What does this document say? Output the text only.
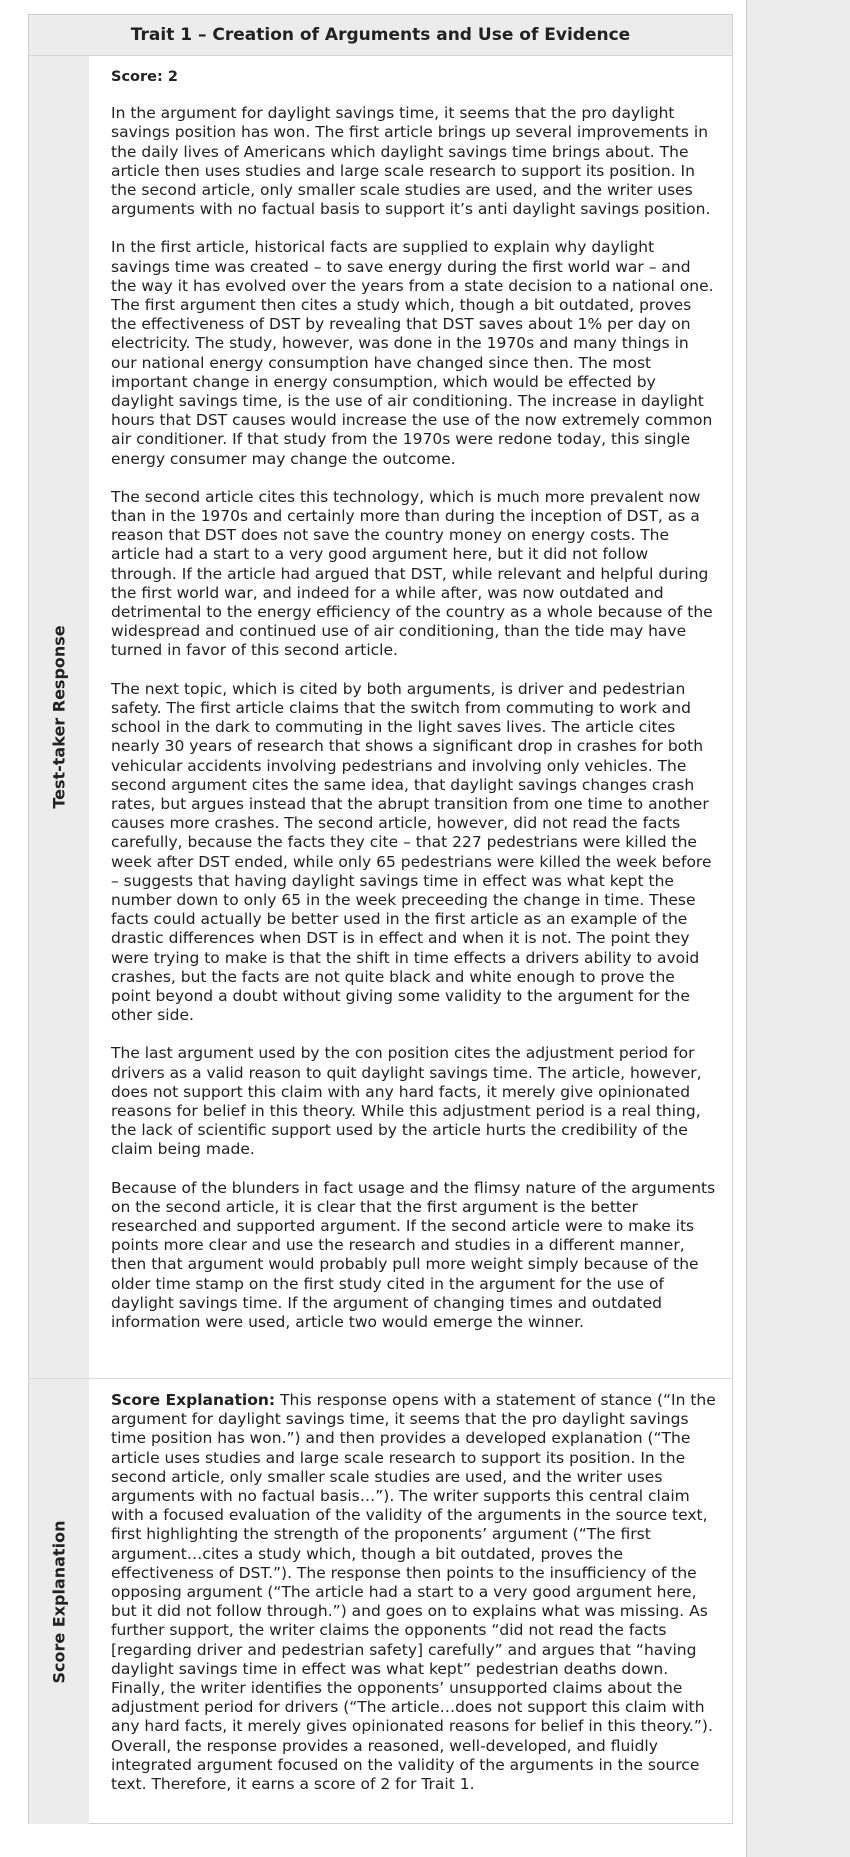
Trait 1 – Creation of Arguments and Use of Evidence
Test-taker Response
Score: 2

In the argument for daylight savings time, it seems that the pro daylight savings position has won. The first article brings up several improvements in the daily lives of Americans which daylight savings time brings about. The article then uses studies and large scale research to support its position. In the second article, only smaller scale studies are used, and the writer uses arguments with no factual basis to support it’s anti daylight savings position.

In the first article, historical facts are supplied to explain why daylight savings time was created – to save energy during the first world war – and the way it has evolved over the years from a state decision to a national one. The first argument then cites a study which, though a bit outdated, proves the effectiveness of DST by revealing that DST saves about 1% per day on electricity. The study, however, was done in the 1970s and many things in our national energy consumption have changed since then. The most important change in energy consumption, which would be effected by daylight savings time, is the use of air conditioning. The increase in daylight hours that DST causes would increase the use of the now extremely common air conditioner. If that study from the 1970s were redone today, this single energy consumer may change the outcome.

The second article cites this technology, which is much more prevalent now than in the 1970s and certainly more than during the inception of DST, as a reason that DST does not save the country money on energy costs. The article had a start to a very good argument here, but it did not follow through. If the article had argued that DST, while relevant and helpful during the first world war, and indeed for a while after, was now outdated and detrimental to the energy efficiency of the country as a whole because of the widespread and continued use of air conditioning, than the tide may have turned in favor of this second article.

The next topic, which is cited by both arguments, is driver and pedestrian safety. The first article claims that the switch from commuting to work and school in the dark to commuting in the light saves lives. The article cites nearly 30 years of research that shows a significant drop in crashes for both vehicular accidents involving pedestrians and involving only vehicles. The second argument cites the same idea, that daylight savings changes crash rates, but argues instead that the abrupt transition from one time to another causes more crashes. The second article, however, did not read the facts carefully, because the facts they cite – that 227 pedestrians were killed the week after DST ended, while only 65 pedestrians were killed the week before – suggests that having daylight savings time in effect was what kept the number down to only 65 in the week preceeding the change in time. These facts could actually be better used in the first article as an example of the drastic differences when DST is in effect and when it is not. The point they were trying to make is that the shift in time effects a drivers ability to avoid crashes, but the facts are not quite black and white enough to prove the point beyond a doubt without giving some validity to the argument for the other side.

The last argument used by the con position cites the adjustment period for drivers as a valid reason to quit daylight savings time. The article, however, does not support this claim with any hard facts, it merely give opinionated reasons for belief in this theory. While this adjustment period is a real thing, the lack of scientific support used by the article hurts the credibility of the claim being made.

Because of the blunders in fact usage and the flimsy nature of the arguments on the second article, it is clear that the first argument is the better researched and supported argument. If the second article were to make its points more clear and use the research and studies in a different manner, then that argument would probably pull more weight simply because of the older time stamp on the first study cited in the argument for the use of daylight savings time. If the argument of changing times and outdated information were used, article two would emerge the winner.

Score Explanation

Score Explanation: This response opens with a statement of stance (“In the argument for daylight savings time, it seems that the pro daylight savings time position has won.”) and then provides a developed explanation (“The article uses studies and large scale research to support its position. In the second article, only smaller scale studies are used, and the writer uses arguments with no factual basis…”). The writer supports this central claim with a focused evaluation of the validity of the arguments in the source text, first highlighting the strength of the proponents’ argument (“The first argument…cites a study which, though a bit outdated, proves the effectiveness of DST.”). The response then points to the insufficiency of the opposing argument (“The article had a start to a very good argument here, but it did not follow through.”) and goes on to explains what was missing. As further support, the writer claims the opponents “did not read the facts [regarding driver and pedestrian safety] carefully” and argues that “having daylight savings time in effect was what kept” pedestrian deaths down. Finally, the writer identifies the opponents’ unsupported claims about the adjustment period for drivers (“The article…does not support this claim with any hard facts, it merely gives opinionated reasons for belief in this theory.”). Overall, the response provides a reasoned, well-developed, and fluidly integrated argument focused on the validity of the arguments in the source text. Therefore, it earns a score of 2 for Trait 1.
